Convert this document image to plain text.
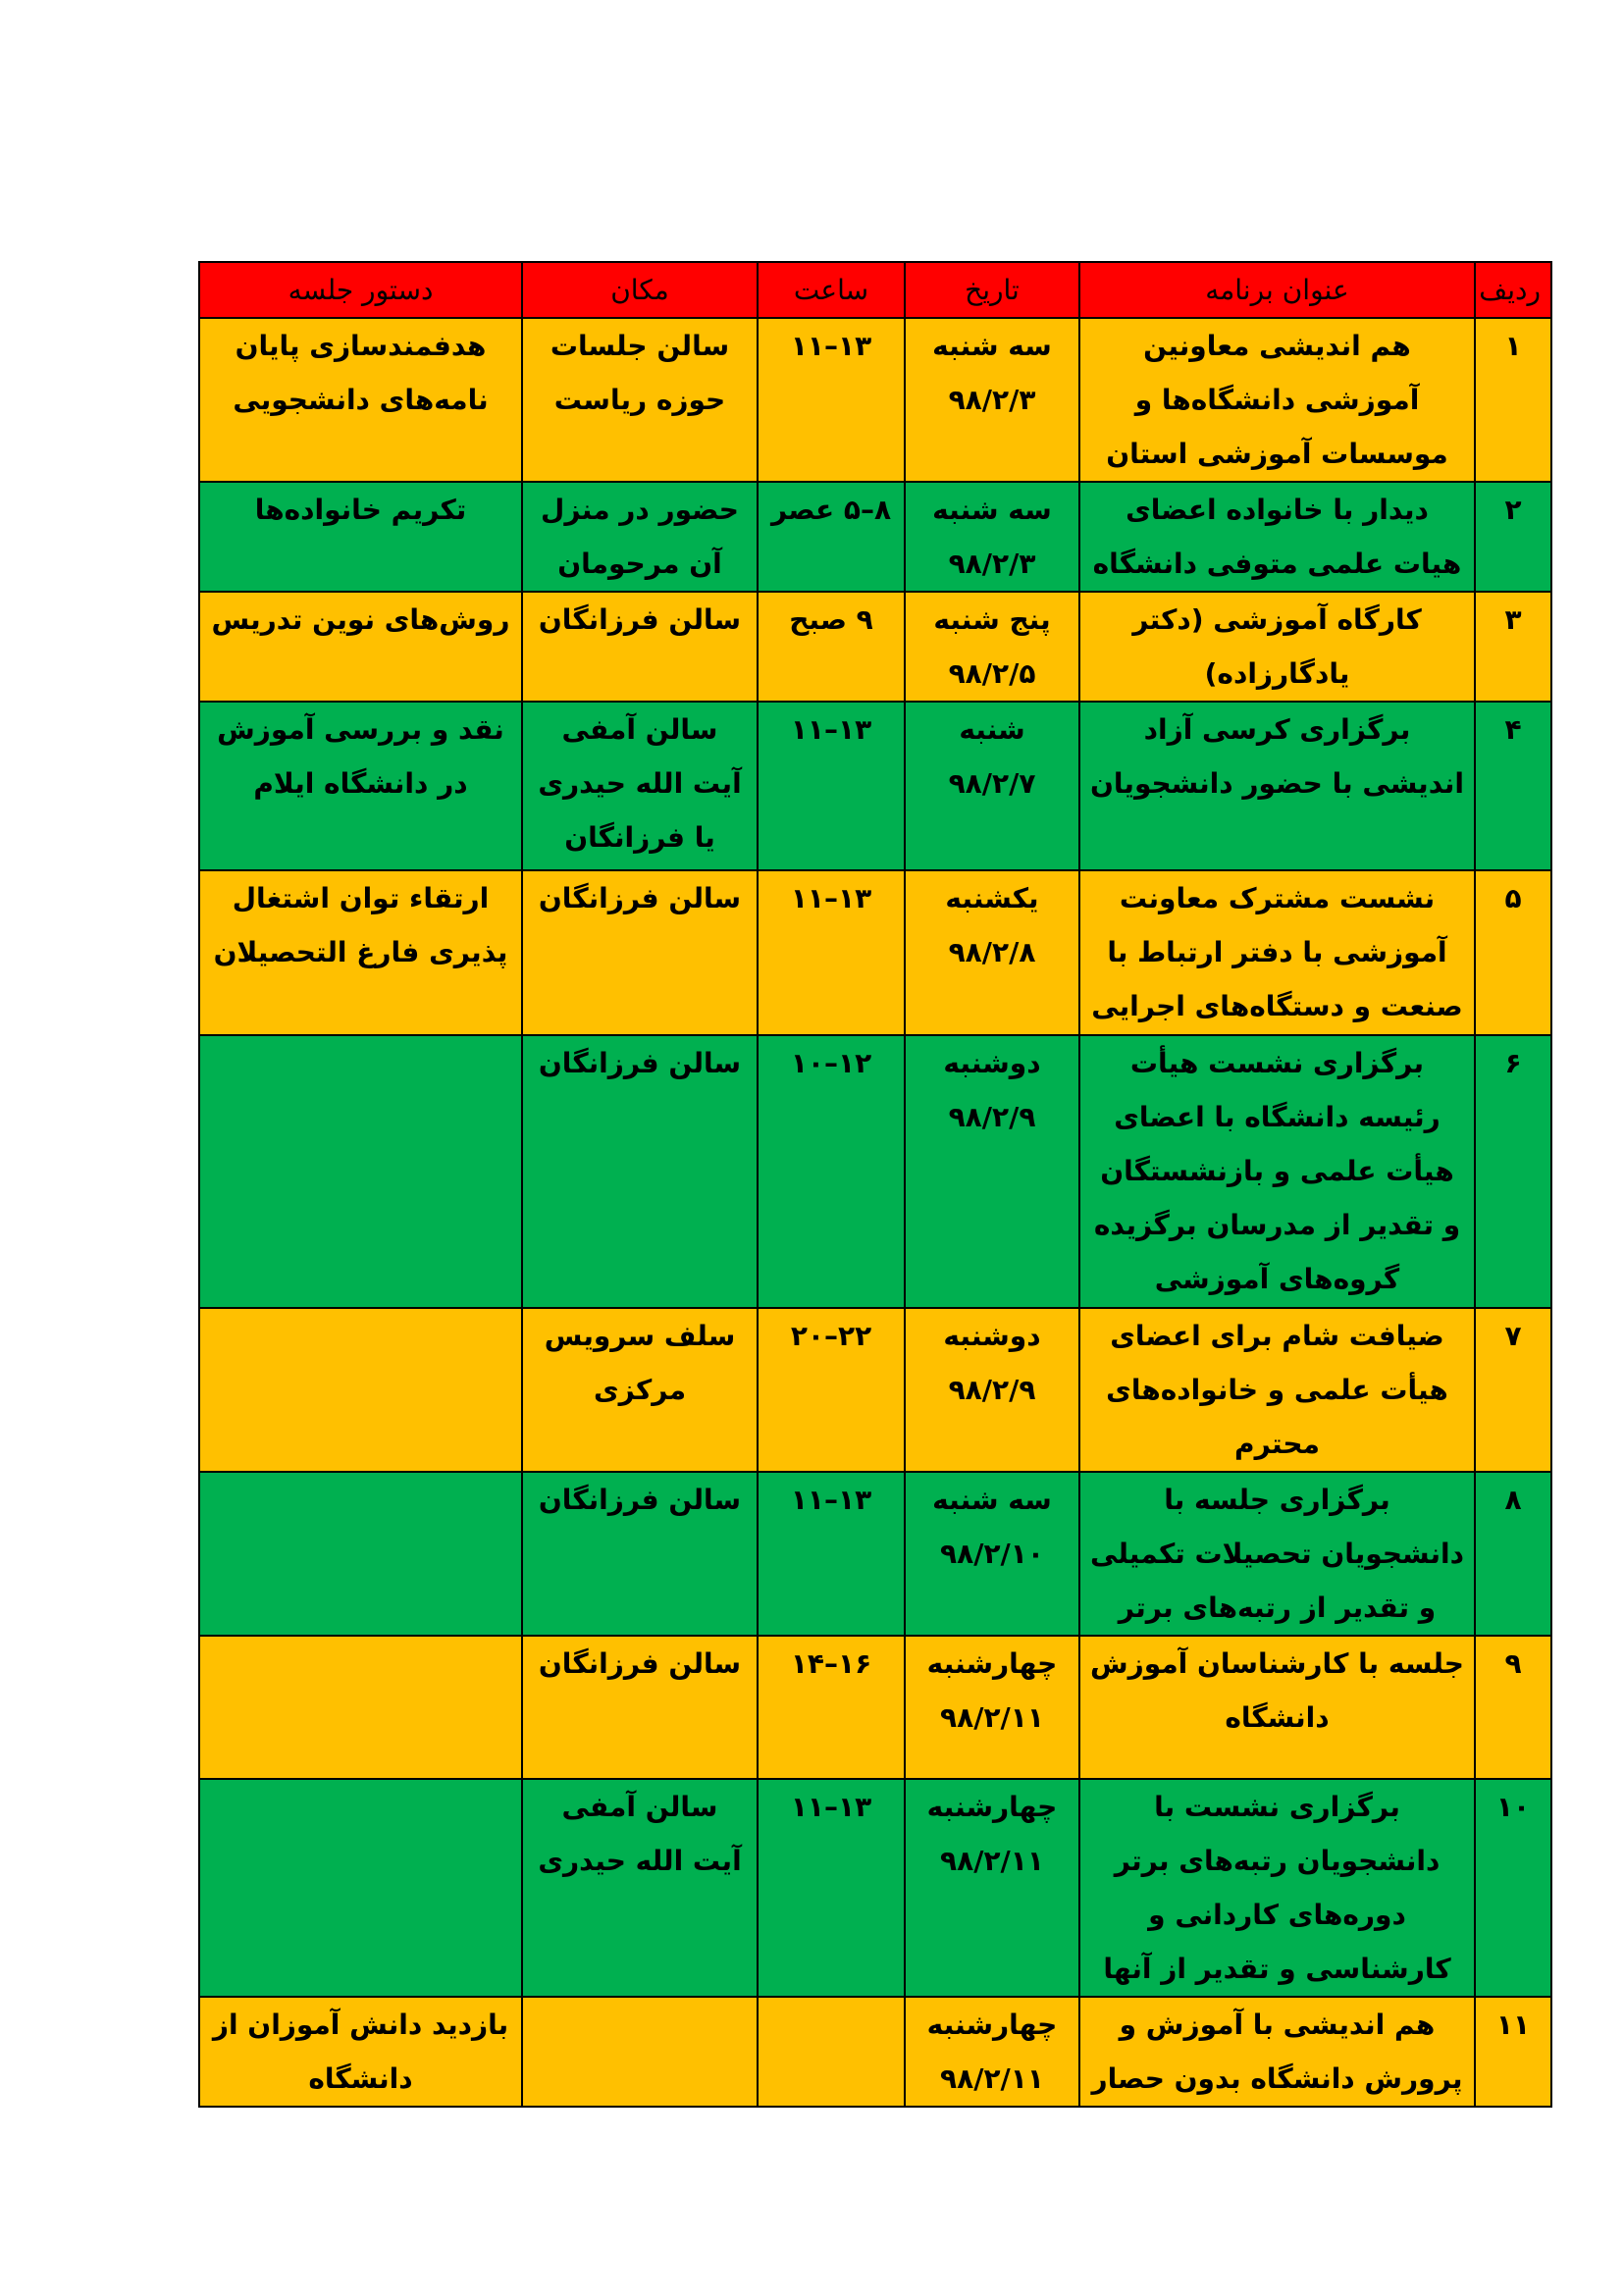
ردیف	عنوان برنامه	تاریخ	ساعت	مکان	دستور جلسه
۱	هم اندیشی معاونین آموزشی دانشگاه‌ها و موسسات آموزشی استان	سه شنبه ۹۸/۲/۳	۱۳–۱۱	سالن جلسات حوزه ریاست	هدفمندسازی پایان نامه‌های دانشجویی
۲	دیدار با خانواده اعضای هیات علمی متوفی دانشگاه	سه شنبه ۹۸/۲/۳	۸–۵ عصر	حضور در منزل آن مرحومان	تکریم خانواده‌ها
۳	کارگاه آموزشی (دکتر یادگارزاده)	پنج شنبه ۹۸/۲/۵	۹ صبح	سالن فرزانگان	روش‌های نوین تدریس
۴	برگزاری کرسی آزاد اندیشی با حضور دانشجویان	شنبه ۹۸/۲/۷	۱۳–۱۱	سالن آمفی آیت الله حیدری یا فرزانگان	نقد و بررسی آموزش در دانشگاه ایلام
۵	نشست مشترک معاونت آموزشی با دفتر ارتباط با صنعت و دستگاه‌های اجرایی	یکشنبه ۹۸/۲/۸	۱۳–۱۱	سالن فرزانگان	ارتقاء توان اشتغال پذیری فارغ التحصیلان
۶	برگزاری نشست هیأت رئیسه دانشگاه با اعضای هیأت علمی و بازنشستگان و تقدیر از مدرسان برگزیده گروه‌های آموزشی	دوشنبه ۹۸/۲/۹	۱۲–۱۰	سالن فرزانگان	
۷	ضیافت شام برای اعضای هیأت علمی و خانواده‌های محترم	دوشنبه ۹۸/۲/۹	۲۲–۲۰	سلف سرویس مرکزی	
۸	برگزاری جلسه با دانشجویان تحصیلات تکمیلی و تقدیر از رتبه‌های برتر	سه شنبه ۹۸/۲/۱۰	۱۳–۱۱	سالن فرزانگان	
۹	جلسه با کارشناسان آموزش دانشگاه	چهارشنبه ۹۸/۲/۱۱	۱۶–۱۴	سالن فرزانگان	
۱۰	برگزاری نشست با دانشجویان رتبه‌های برتر دوره‌های کاردانی و کارشناسی و تقدیر از آنها	چهارشنبه ۹۸/۲/۱۱	۱۳–۱۱	سالن آمفی آیت الله حیدری	
۱۱	هم اندیشی با آموزش و پرورش دانشگاه بدون حصار	چهارشنبه ۹۸/۲/۱۱			بازدید دانش آموزان از دانشگاه
